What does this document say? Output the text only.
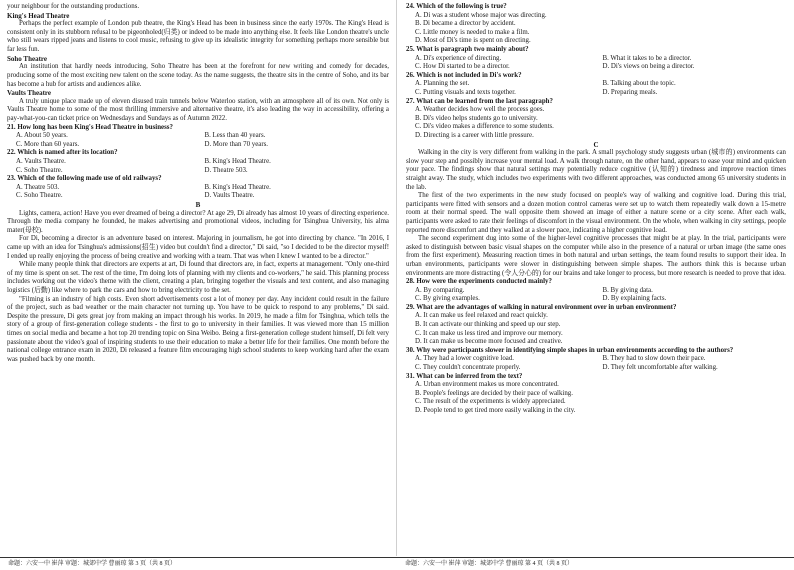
your neighbour for the outstanding productions.

King's Head Theatre

Perhaps the perfect example of London pub theatre, the King's Head has been in business since the early 1970s. The King's Head is consistent only in its stubborn refusal to be pigeonholed(归类) or indeed to be made into anything else. It feels like London theatre's uncle who still wears ripped jeans and listens to cool music, refusing to give up its idealistic integrity for something perhaps more sensible but far less fun.

Soho Theatre

An institution that hardly needs introducing, Soho Theatre has been at the forefront for new writing and comedy for decades, producing some of the most exciting new talent on the scene today. As the name suggests, the theatre sits in the centre of Soho, and its bar has become a hub for artists and audiences alike.

Vaults Theatre

A truly unique place made up of eleven disused train tunnels below Waterloo station, with an atmosphere all of its own. Not only is Vaults Theatre home to some of the most thrilling immersive and alternative theatre, it's also leading the way in accessibility, offering a pay-what-you-can ticket price on Wednesdays and Sundays as of Autumn 2022.

21. How long has been King's Head Theatre in business?
A. About 50 years.	B. Less than 40 years.
C. More than 60 years.	D. More than 70 years.
22. Which is named after its location?
A. Vaults Theatre.	B. King's Head Theatre.
C. Soho Theatre.	D. Theatre 503.
23. Which of the following made use of old railways?
A. Theatre 503.	B. King's Head Theatre.
C. Soho Theatre.	D. Vaults Theatre.
B

Lights, camera, action! Have you ever dreamed of being a director? At age 29, Di already has almost 10 years of directing experience. Through the media company he founded, he makes advertising and promotional videos, including for Tsinghua University, his alma mater(母校).

For Di, becoming a director is an adventure based on interest. Majoring in journalism, he got into directing by chance. "In 2016, I came up with an idea for Tsinghua's admissions(招生) video but couldn't find a director," Di said, "so I decided to be the director myself! I ended up really enjoying the process of being creative and working with a team. That was when I knew I wanted to be a director."

While many people think that directors are experts at art, Di found that directors are, in fact, experts at management. "Only one-third of my time is spent on set. The rest of the time, I'm doing lots of planning with my clients and co-workers," he said. This planning process includes working out the video's theme with the client, creating a plan, bringing together the visuals and text content, and also managing logistics (后勤) like where to park the cars and how to bring electricity to the set.

"Filming is an industry of high costs. Even short advertisements cost a lot of money per day. Any incident could result in the failure of the project, such as bad weather or the main character not turning up. You have to be quick to respond to any problems," Di said. Despite the pressure, Di gets great joy from making an impact through his works. In 2019, he made a film for Tsinghua, which tells the story of a group of first-generation college students - the first to go to university in their families. It was viewed more than 15 million times on social media and became a hot top 20 trending topic on Sina Weibo. Being a first-generation college student himself, Di felt very passionate about the video's goal of inspiring students to use their education to make a better life for their families. One month before the national college entrance exam in 2020, Di released a feature film encouraging high school students to keep working hard after the exam was pushed back by one month.

命题：六安一中 崔萍 审题：城郊中学 曹丽琼 第 3 页（共 8 页）
24. Which of the following is true?
A. Di was a student whose major was directing.
B. Di became a director by accident.
C. Little money is needed to make a film.
D. Most of Di's time is spent on directing.
25. What is paragraph two mainly about?
A. Di's experience of directing.	B. What it takes to be a director.
C. How Di started to be a director.	D. Di's views on being a director.
26. Which is not included in Di's work?
A. Planning the set.	B. Talking about the topic.
C. Putting visuals and texts together.	D. Preparing meals.
27. What can be learned from the last paragraph?
A. Weather decides how well the process goes.
B. Di's video helps students go to university.
C. Di's video makes a difference to some students.
D. Directing is a career with little pressure.
C

Walking in the city is very different from walking in the park. A small psychology study suggests urban (城市的) environments can slow your step and possibly increase your mental load. A walk through nature, on the other hand, appears to ease your mind and quicken your pace. The findings show that natural settings may potentially reduce cognitive (认知的) tiredness and improve reaction times straight away. The study, which includes two experiments with two different approaches, was conducted among 65 university students in the lab.

The first of the two experiments in the new study focused on people's way of walking and cognitive load. During this trial, participants were fitted with sensors and a dozen motion control cameras were set up to watch them repeatedly walk down a 15-metre room at their normal speed. The wall opposite them showed an image of either a nature scene or a city scene. After each walk, participants were asked to rate their feelings of discomfort in the visual environment. On the whole, when walking in city settings, people reported more discomfort and they walked at a slower pace, indicating a higher cognitive load.

The second experiment dug into some of the higher-level cognitive processes that might be at play. In the trial, participants were asked to distinguish between basic visual shapes on the computer while also in the presence of a natural or urban image (the same ones from the first experiment). Measuring reaction times in both natural and urban settings, the team found results to support their idea. In urban environments, participants were slower in distinguishing between simple shapes. The authors think this is because urban environments are more distracting (令人分心的) for our brains and take longer to process, but more research is needed to prove that idea.

28. How were the experiments conducted mainly?
A. By comparing.	B. By giving data.
C. By giving examples.	D. By explaining facts.
29. What are the advantages of walking in natural environment over in urban environment?
A. It can make us feel relaxed and react quickly.
B. It can activate our thinking and speed up our step.
C. It can make us less tired and improve our memory.
D. It can make us become more focused and creative.
30. Why were participants slower in identifying simple shapes in urban environments according to the authors?
A. They had a lower cognitive load.	B. They had to slow down their pace.
C. They couldn't concentrate properly.	D. They felt uncomfortable after walking.
31. What can be inferred from the text?
A. Urban environment makes us more concentrated.
B. People's feelings are decided by their pace of walking.
C. The result of the experiments is widely appreciated.
D. People tend to get tired more easily walking in the city.
命题：六安一中 崔萍 审题：城郊中学 曹丽琼 第 4 页（共 8 页）
